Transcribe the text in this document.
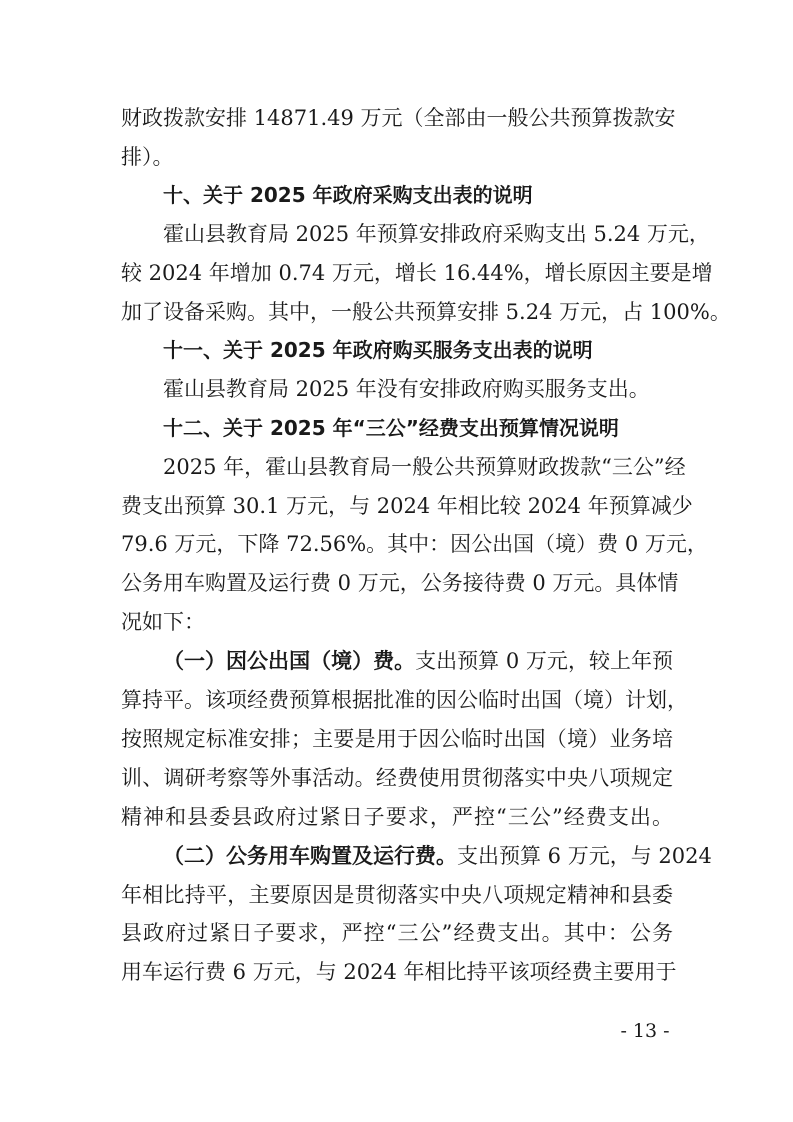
财政拨款安排 14871.49 万元（全部由一般公共预算拨款安
排）。
十、关于 2025 年政府采购支出表的说明
霍山县教育局 2025 年预算安排政府采购支出 5.24 万元，
较 2024 年增加 0.74 万元，增长 16.44%，增长原因主要是增
加了设备采购。其中，一般公共预算安排 5.24 万元，占 100%。
十一、关于 2025 年政府购买服务支出表的说明
霍山县教育局 2025 年没有安排政府购买服务支出。
十二、关于 2025 年“三公”经费支出预算情况说明
2025 年，霍山县教育局一般公共预算财政拨款“三公”经
费支出预算 30.1 万元，与 2024 年相比较 2024 年预算减少
79.6 万元，下降 72.56%。其中：因公出国（境）费 0 万元，
公务用车购置及运行费 0 万元，公务接待费 0 万元。具体情
况如下：
（一）因公出国（境）费。支出预算 0 万元，较上年预
算持平。该项经费预算根据批准的因公临时出国（境）计划，
按照规定标准安排；主要是用于因公临时出国（境）业务培
训、调研考察等外事活动。经费使用贯彻落实中央八项规定
精神和县委县政府过紧日子要求，严控“三公”经费支出。
（二）公务用车购置及运行费。支出预算 6 万元，与 2024
年相比持平，主要原因是贯彻落实中央八项规定精神和县委
县政府过紧日子要求，严控“三公”经费支出。其中：公务
用车运行费 6 万元，与 2024 年相比持平该项经费主要用于
- 13 -
